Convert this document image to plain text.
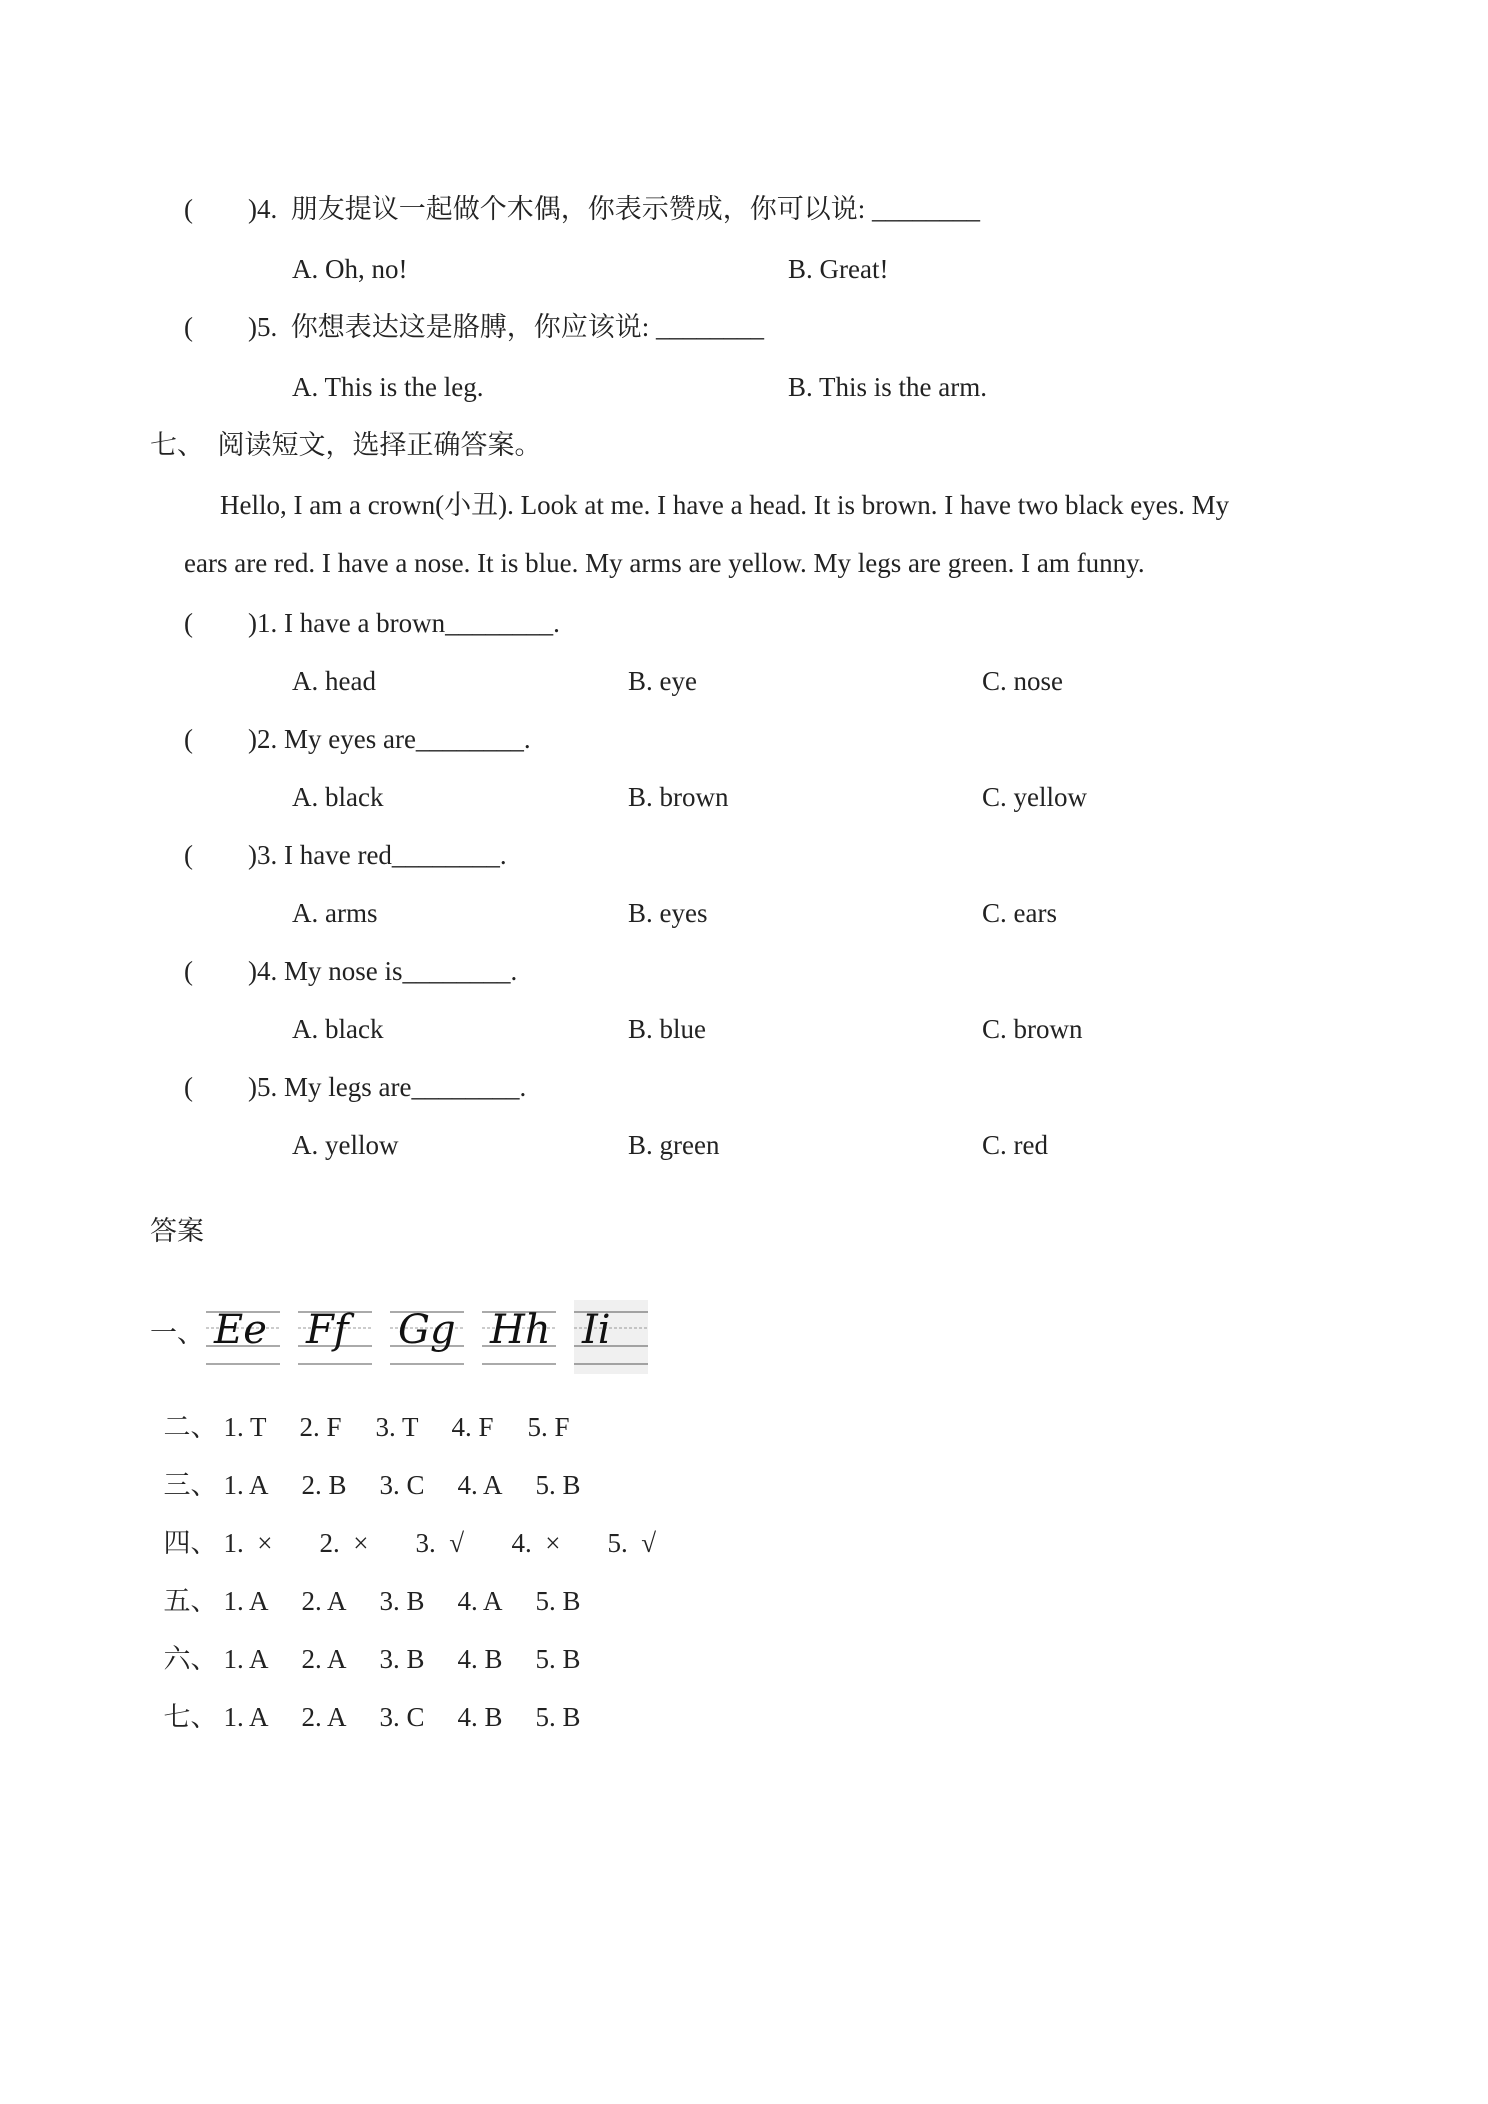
( )4.  朋友提议一起做个木偶，你表示赞成，你可以说: ________
A. Oh, no!	B. Great!
( )5.  你想表达这是胳膊，你应该说: ________
A. This is the leg.	B. This is the arm.
七、  阅读短文，选择正确答案。
Hello, I am a crown(小丑). Look at me. I have a head. It is brown. I have two black eyes. My
ears are red. I have a nose. It is blue. My arms are yellow. My legs are green. I am funny.
( )1. I have a brown________.
A. head	B. eye	C. nose
( )2. My eyes are________.
A. black	B. brown	C. yellow
( )3. I have red________.
A. arms	B. eyes	C. ears
( )4. My nose is________.
A. black	B. blue	C. brown
( )5. My legs are________.
A. yellow	B. green	C. red
答案
一、 Ee Ff Gg Hh Ii

二、 1. T 2. F 3. T 4. F 5. F

三、 1. A 2. B 3. C 4. A 5. B

四、 1.  × 2.  × 3.  √ 4.  × 5.  √

五、 1. A 2. A 3. B 4. A 5. B

六、 1. A 2. A 3. B 4. B 5. B

七、 1. A 2. A 3. C 4. B 5. B
